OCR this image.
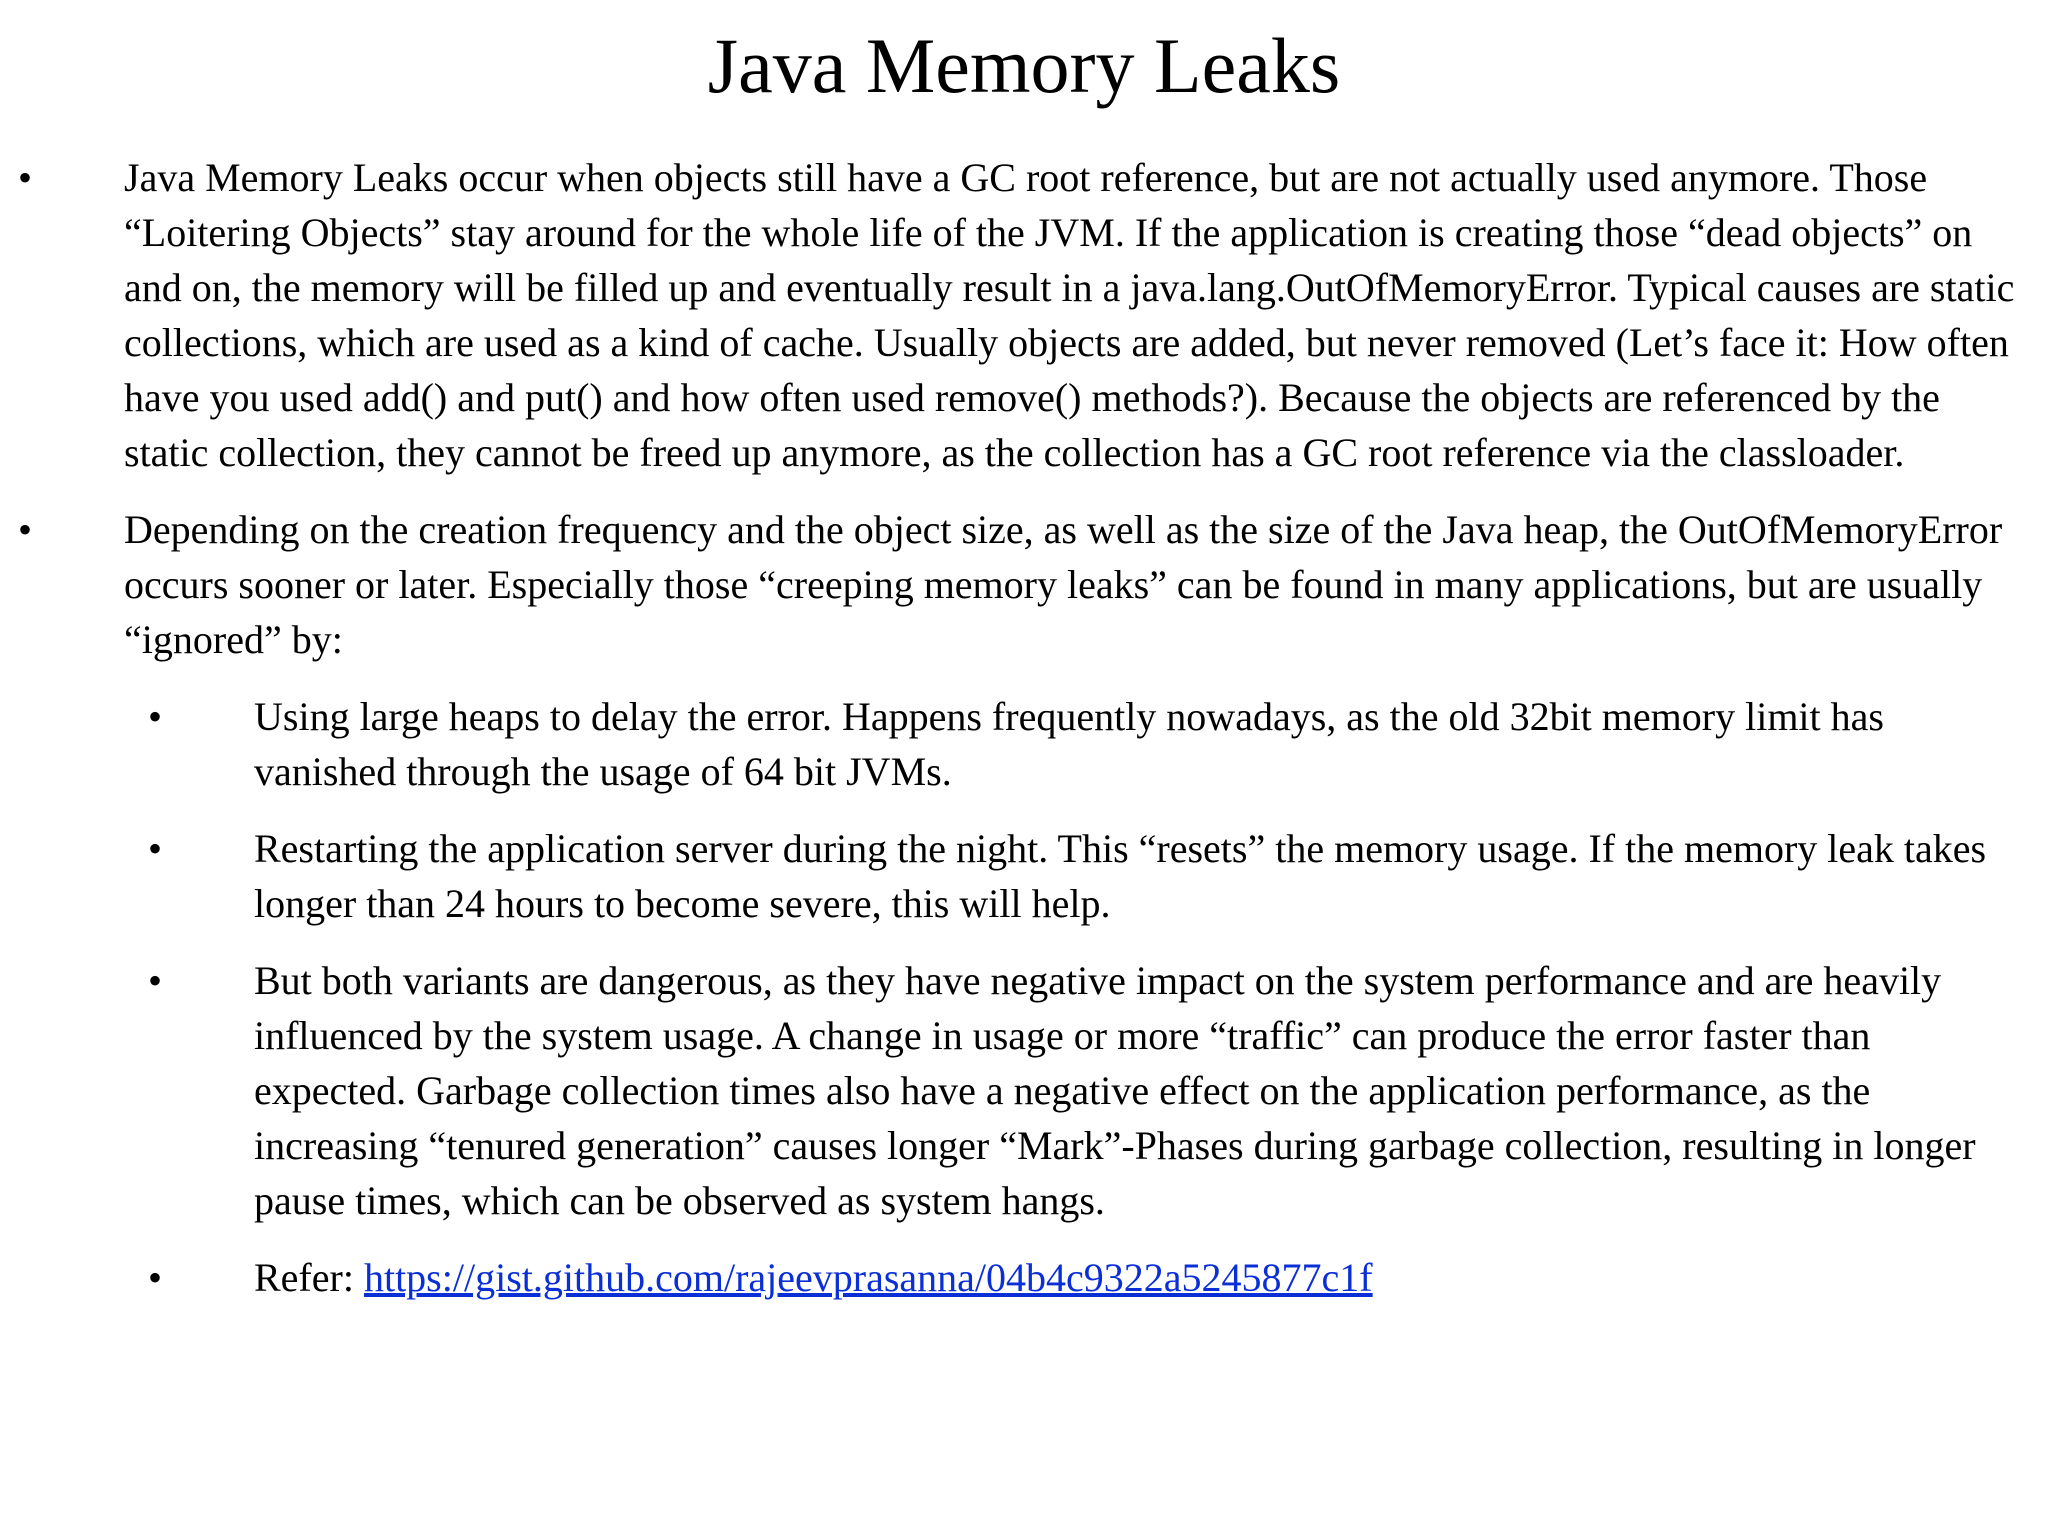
Java Memory Leaks
• Java Memory Leaks occur when objects still have a GC root reference, but are not actually used anymore. Those “Loitering Objects” stay around for the whole life of the JVM. If the application is creating those “dead objects” on and on, the memory will be filled up and eventually result in a java.lang.OutOfMemoryError. Typical causes are static collections, which are used as a kind of cache. Usually objects are added, but never removed (Let’s face it: How often have you used add() and put() and how often used remove() methods?). Because the objects are referenced by the static collection, they cannot be freed up anymore, as the collection has a GC root reference via the classloader.
• Depending on the creation frequency and the object size, as well as the size of the Java heap, the OutOfMemoryError occurs sooner or later. Especially those “creeping memory leaks” can be found in many applications, but are usually “ignored” by:
• Using large heaps to delay the error. Happens frequently nowadays, as the old 32bit memory limit has vanished through the usage of 64 bit JVMs.
• Restarting the application server during the night. This “resets” the memory usage. If the memory leak takes longer than 24 hours to become severe, this will help.
• But both variants are dangerous, as they have negative impact on the system performance and are heavily influenced by the system usage. A change in usage or more “traffic” can produce the error faster than expected. Garbage collection times also have a negative effect on the application performance, as the increasing “tenured generation” causes longer “Mark”-Phases during garbage collection, resulting in longer pause times, which can be observed as system hangs.
• Refer: https://gist.github.com/rajeevprasanna/04b4c9322a5245877c1f
